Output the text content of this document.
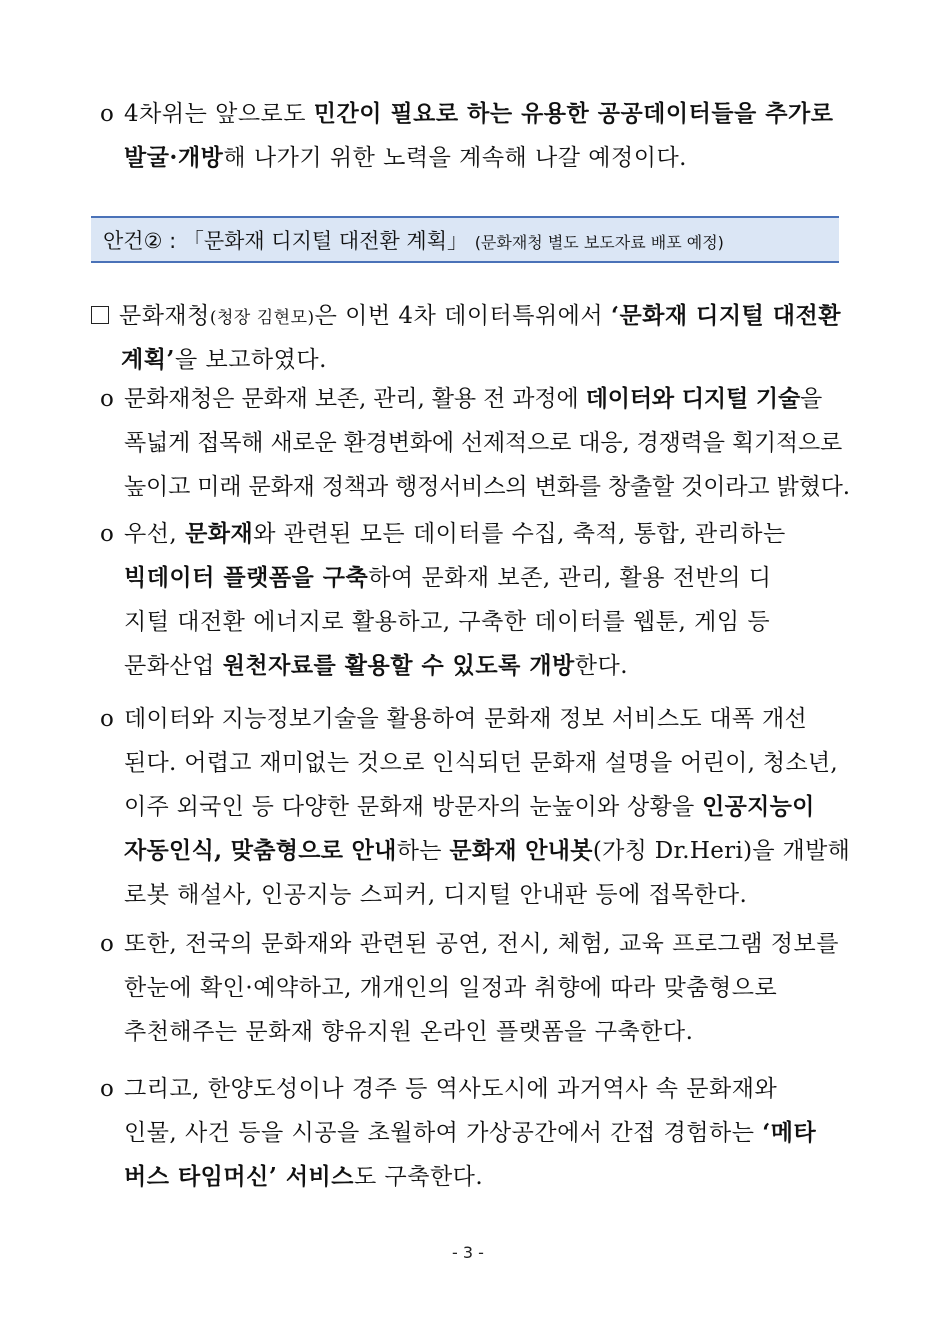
o 4차위는 앞으로도 민간이 필요로 하는 유용한 공공데이터들을 추가로
발굴·개방해 나가기 위한 노력을 계속해 나갈 예정이다.
안건② : 「문화재 디지털 대전환 계획」 (문화재청 별도 보도자료 배포 예정)
문화재청(청장 김현모)은 이번 4차 데이터특위에서 ‘문화재 디지털 대전환
계획’을 보고하였다.
o 문화재청은 문화재 보존, 관리, 활용 전 과정에 데이터와 디지털 기술을
폭넓게 접목해 새로운 환경변화에 선제적으로 대응, 경쟁력을 획기적으로
높이고 미래 문화재 정책과 행정서비스의 변화를 창출할 것이라고 밝혔다.
o 우선, 문화재와 관련된 모든 데이터를 수집, 축적, 통합, 관리하는
빅데이터 플랫폼을 구축하여 문화재 보존, 관리, 활용 전반의 디
지털 대전환 에너지로 활용하고, 구축한 데이터를 웹툰, 게임 등
문화산업 원천자료를 활용할 수 있도록 개방한다.
o 데이터와 지능정보기술을 활용하여 문화재 정보 서비스도 대폭 개선
된다. 어렵고 재미없는 것으로 인식되던 문화재 설명을 어린이, 청소년,
이주 외국인 등 다양한 문화재 방문자의 눈높이와 상황을 인공지능이
자동인식, 맞춤형으로 안내하는 문화재 안내봇(가칭 Dr.Heri)을 개발해
로봇 해설사, 인공지능 스피커, 디지털 안내판 등에 접목한다.
o 또한, 전국의 문화재와 관련된 공연, 전시, 체험, 교육 프로그램 정보를
한눈에 확인·예약하고, 개개인의 일정과 취향에 따라 맞춤형으로
추천해주는 문화재 향유지원 온라인 플랫폼을 구축한다.
o 그리고, 한양도성이나 경주 등 역사도시에 과거역사 속 문화재와
인물, 사건 등을 시공을 초월하여 가상공간에서 간접 경험하는 ‘메타
버스 타임머신’ 서비스도 구축한다.
- 3 -
